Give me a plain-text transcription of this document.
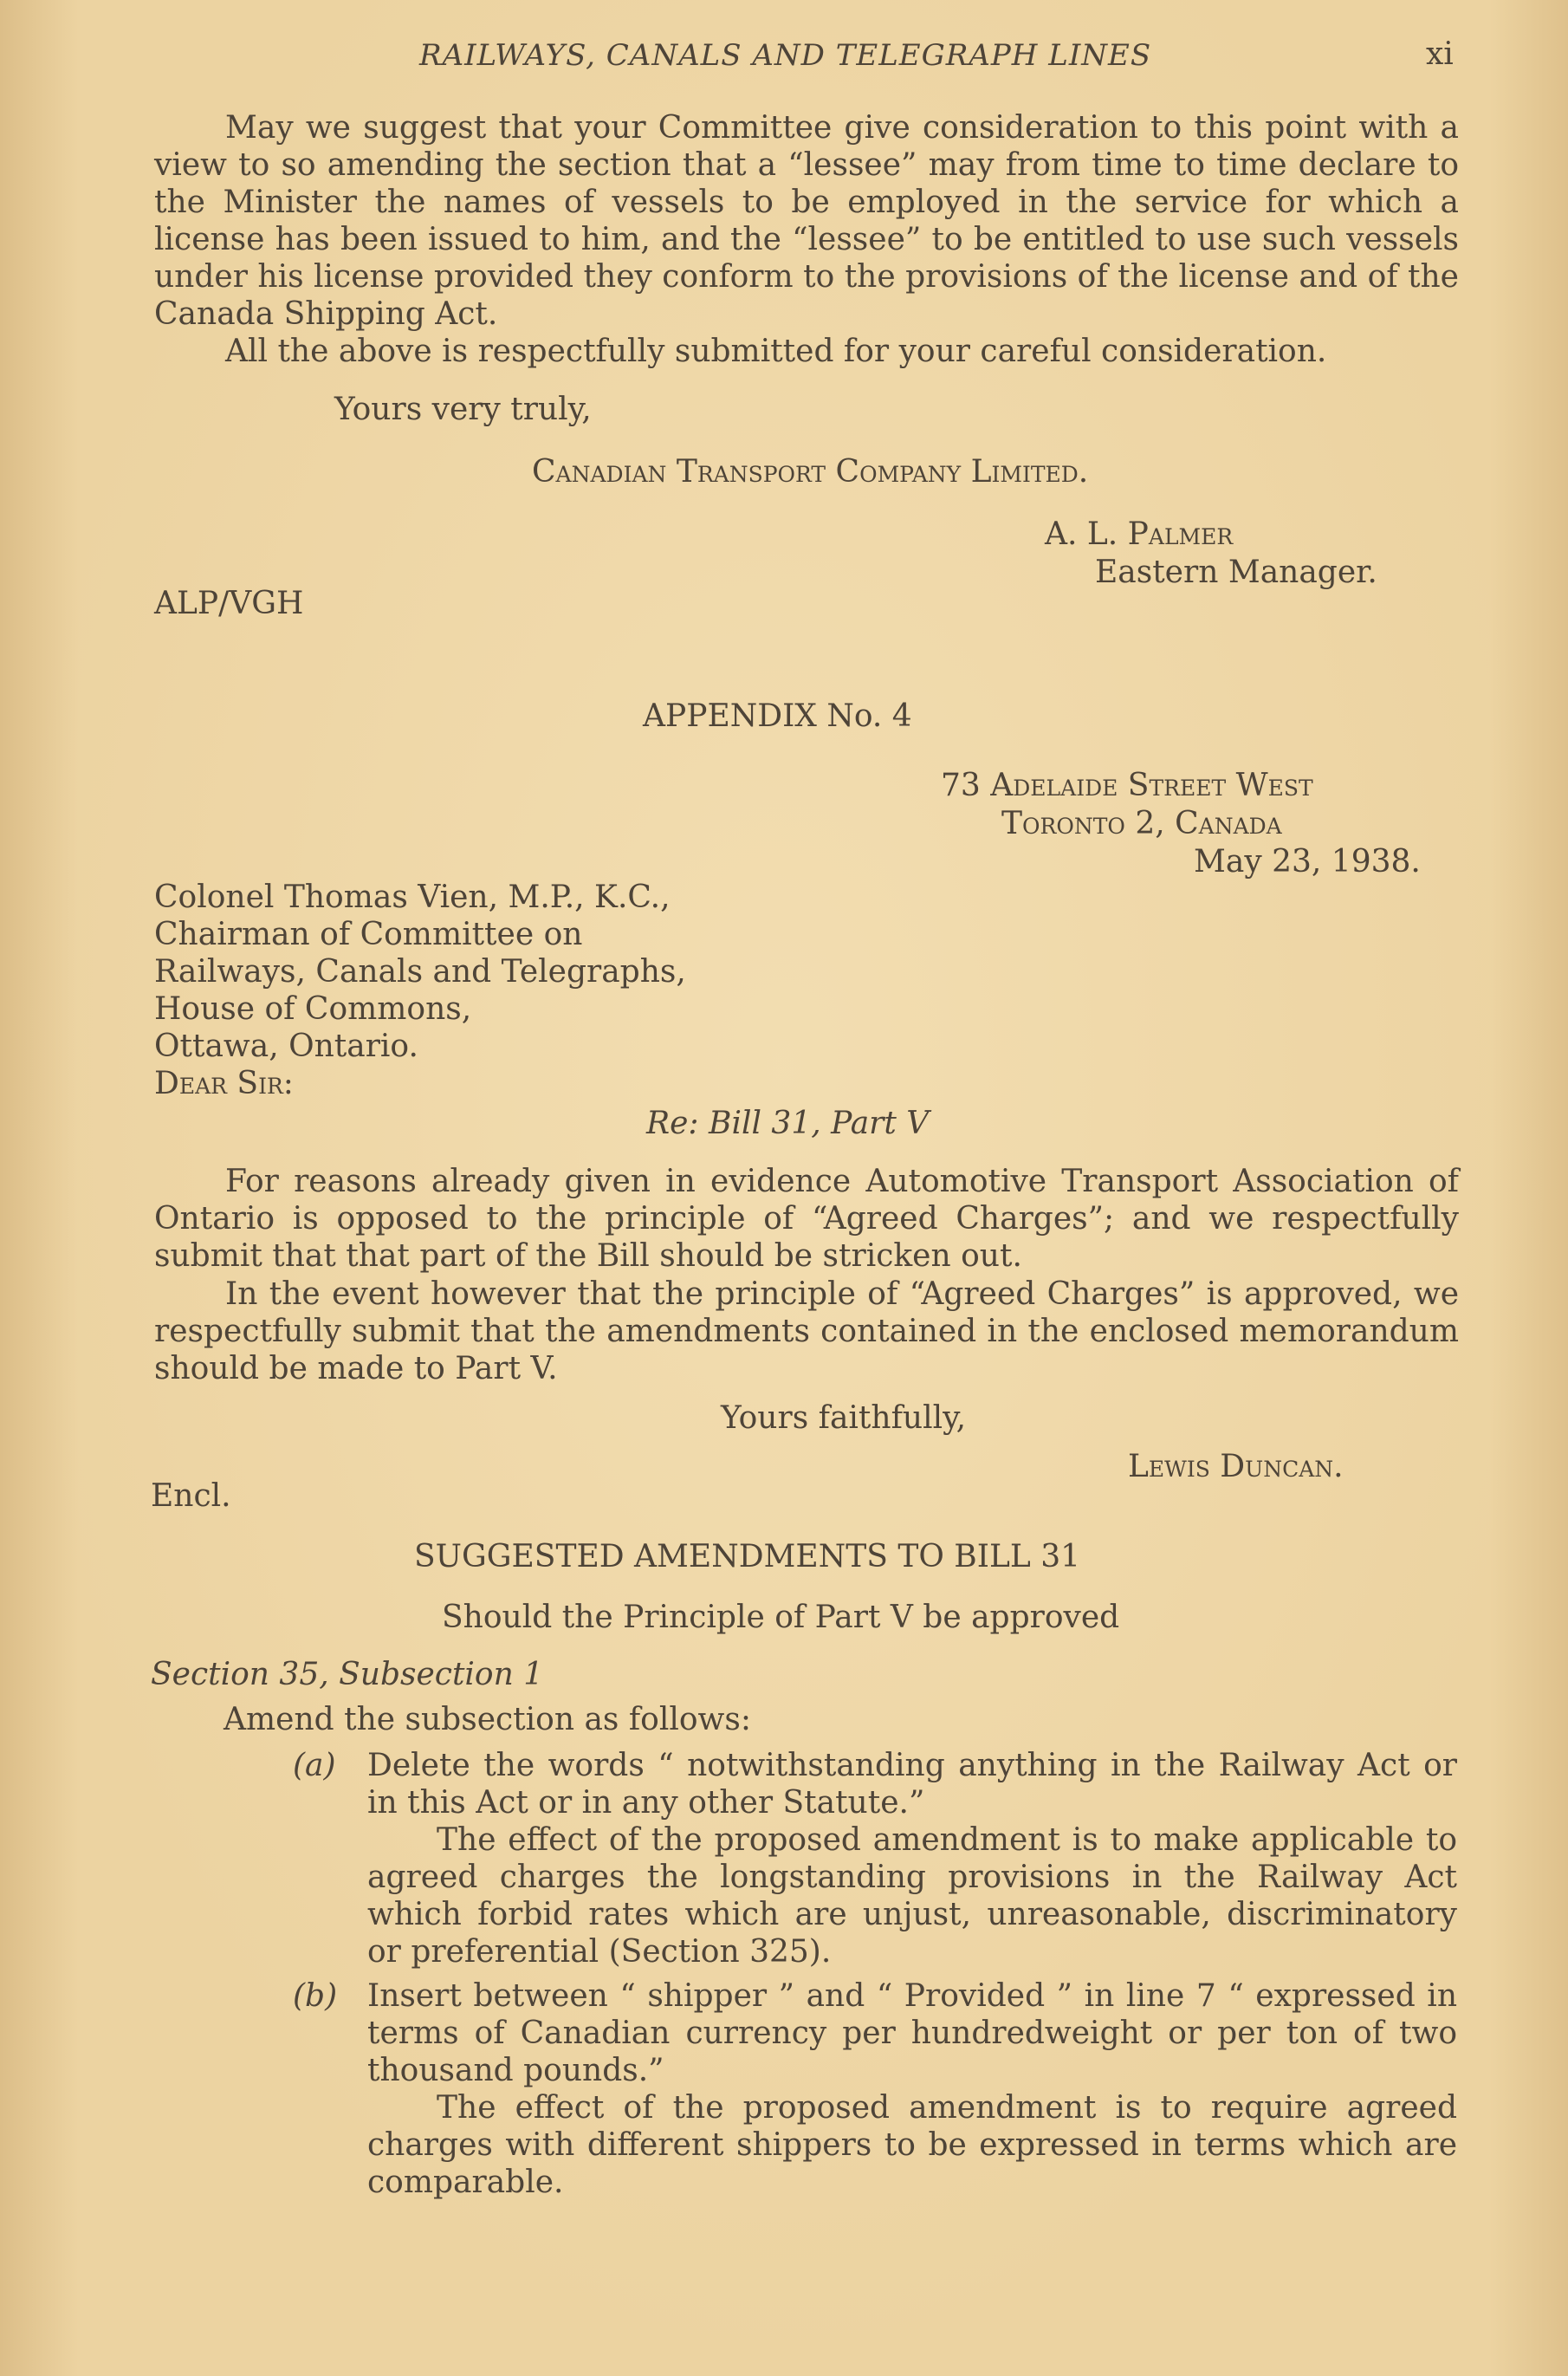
RAILWAYS, CANALS AND TELEGRAPH LINES	xi

May we suggest that your Committee give consideration to this point with a view to so amending the section that a “lessee” may from time to time declare to the Minister the names of vessels to be employed in the service for which a license has been issued to him, and the “lessee” to be entitled to use such vessels under his license provided they conform to the provisions of the license and of the Canada Shipping Act.

All the above is respectfully submitted for your careful consideration.

Yours very truly,
Canadian Transport Company Limited.
A. L. Palmer
Eastern Manager.
ALP/VGH
APPENDIX No. 4
73 Adelaide Street West
Toronto 2, Canada
May 23, 1938.
Colonel Thomas Vien, M.P., K.C.,
Chairman of Committee on
Railways, Canals and Telegraphs,
House of Commons,
Ottawa, Ontario.
Dear Sir:
Re: Bill 31, Part V

For reasons already given in evidence Automotive Transport Association of Ontario is opposed to the principle of “Agreed Charges”; and we respectfully submit that that part of the Bill should be stricken out.

In the event however that the principle of “Agreed Charges” is approved, we respectfully submit that the amendments contained in the enclosed memorandum should be made to Part V.

Yours faithfully,
Lewis Duncan.
Encl.
SUGGESTED AMENDMENTS TO BILL 31
Should the Principle of Part V be approved
Section 35, Subsection 1
Amend the subsection as follows:
(a) Delete the words “ notwithstanding anything in the Railway Act or in this Act or in any other Statute.”

The effect of the proposed amendment is to make applicable to agreed charges the longstanding provisions in the Railway Act which forbid rates which are unjust, unreasonable, discriminatory or preferential (Section 325).

(b) Insert between “ shipper ” and “ Provided ” in line 7 “ expressed in terms of Canadian currency per hundredweight or per ton of two thousand pounds.”

The effect of the proposed amendment is to require agreed charges with different shippers to be expressed in terms which are comparable.
